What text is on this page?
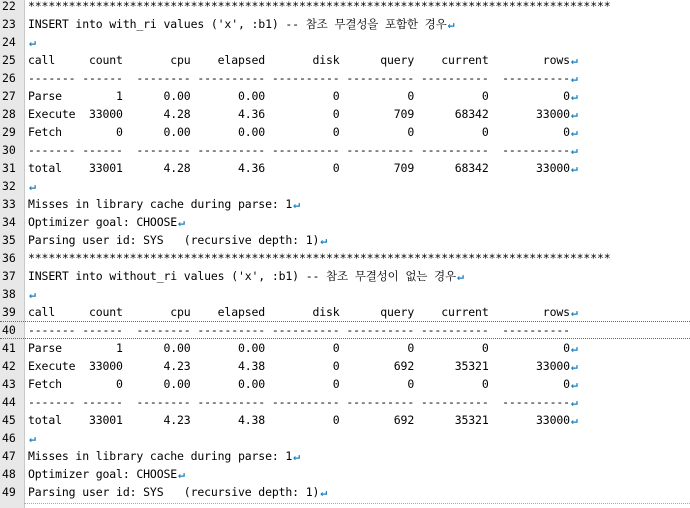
22	**************************************************************************************
23	INSERT into with_ri values ('x', :b1) -- 참조 무결성을 포함한 경우↵
24	↵
25	call     count       cpu    elapsed       disk      query    current        rows↵
26	------- ------  -------- ---------- ---------- ---------- ----------  ----------↵
27	Parse        1      0.00       0.00          0          0          0           0↵
28	Execute  33000      4.28       4.36          0        709      68342       33000↵
29	Fetch        0      0.00       0.00          0          0          0           0↵
30	------- ------  -------- ---------- ---------- ---------- ----------  ----------↵
31	total    33001      4.28       4.36          0        709      68342       33000↵
32	↵
33	Misses in library cache during parse: 1↵
34	Optimizer goal: CHOOSE↵
35	Parsing user id: SYS   (recursive depth: 1)↵
36	**************************************************************************************
37	INSERT into without_ri values ('x', :b1) -- 참조 무결성이 없는 경우↵
38	↵
39	call     count       cpu    elapsed       disk      query    current        rows↵
40	------- ------  -------- ---------- ---------- ---------- ----------  ----------
41	Parse        1      0.00       0.00          0          0          0           0↵
42	Execute  33000      4.23       4.38          0        692      35321       33000↵
43	Fetch        0      0.00       0.00          0          0          0           0↵
44	------- ------  -------- ---------- ---------- ---------- ----------  ----------↵
45	total    33001      4.23       4.38          0        692      35321       33000↵
46	↵
47	Misses in library cache during parse: 1↵
48	Optimizer goal: CHOOSE↵
49	Parsing user id: SYS   (recursive depth: 1)↵
